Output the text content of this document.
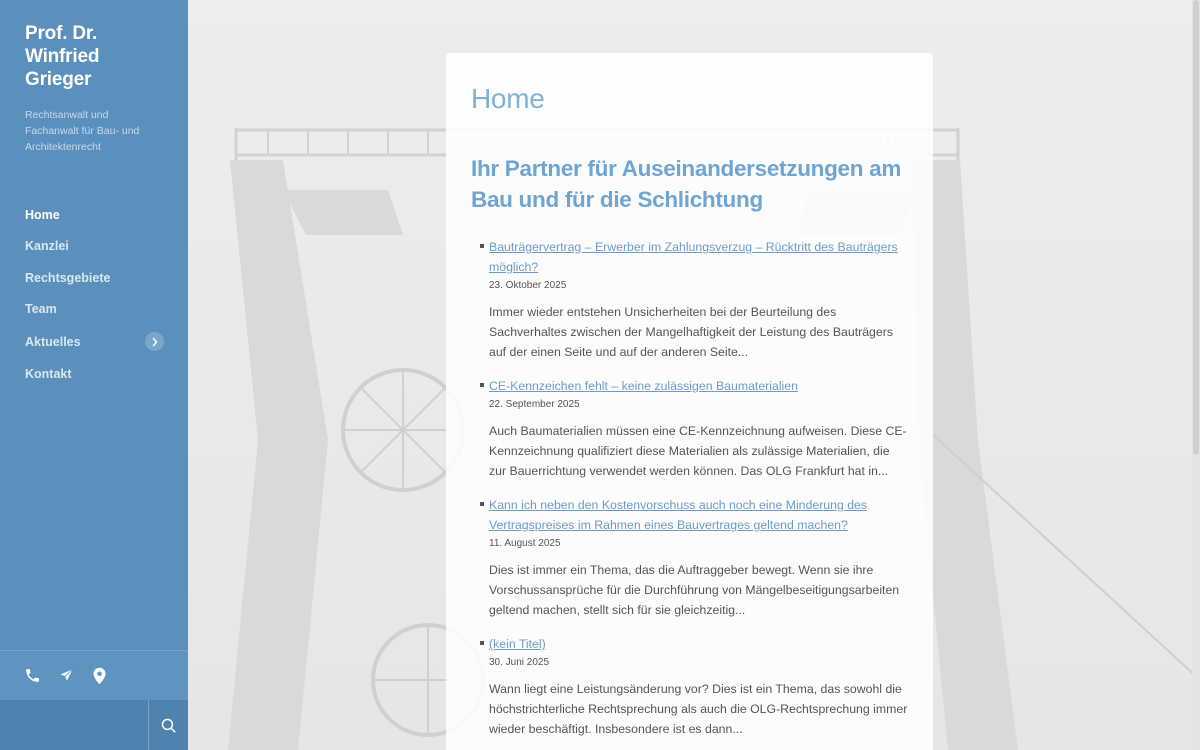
Prof. Dr. Winfried Grieger
Rechtsanwalt und Fachanwalt für Bau- und Architektenrecht
Home
Kanzlei
Rechtsgebiete
Team
Aktuelles
Kontakt
Home
Ihr Partner für Auseinandersetzungen am Bau und für die Schlichtung
Bauträgervertrag – Erwerber im Zahlungsverzug – Rücktritt des Bauträgers möglich?
23. Oktober 2025
Immer wieder entstehen Unsicherheiten bei der Beurteilung des Sachverhaltes zwischen der Mangelhaftigkeit der Leistung des Bauträgers auf der einen Seite und auf der anderen Seite...
CE-Kennzeichen fehlt – keine zulässigen Baumaterialien
22. September 2025
Auch Baumaterialien müssen eine CE-Kennzeichnung aufweisen. Diese CE-Kennzeichnung qualifiziert diese Materialien als zulässige Materialien, die zur Bauerrichtung verwendet werden können. Das OLG Frankfurt hat in...
Kann ich neben den Kostenvorschuss auch noch eine Minderung des Vertragspreises im Rahmen eines Bauvertrages geltend machen?
11. August 2025
Dies ist immer ein Thema, das die Auftraggeber bewegt. Wenn sie ihre Vorschussansprüche für die Durchführung von Mängelbeseitigungsarbeiten geltend machen, stellt sich für sie gleichzeitig...
(kein Titel)
30. Juni 2025
Wann liegt eine Leistungsänderung vor? Dies ist ein Thema, das sowohl die höchstrichterliche Rechtsprechung als auch die OLG-Rechtsprechung immer wieder beschäftigt. Insbesondere ist es dann...
